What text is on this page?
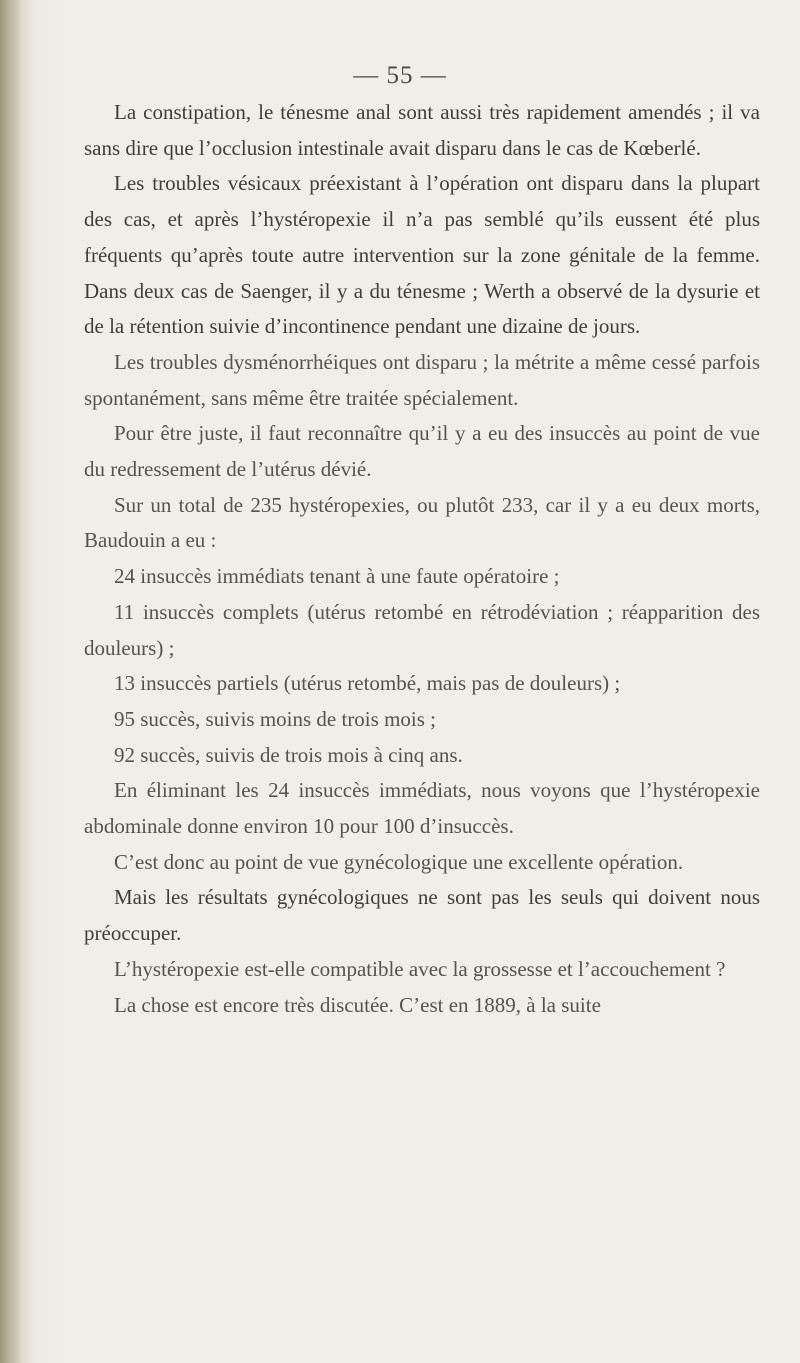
— 55 —

La constipation, le ténesme anal sont aussi très rapidement amendés ; il va sans dire que l’occlusion intestinale avait disparu dans le cas de Kœberlé.

Les troubles vésicaux préexistant à l’opération ont disparu dans la plupart des cas, et après l’hystéropexie il n’a pas semblé qu’ils eussent été plus fréquents qu’après toute autre intervention sur la zone génitale de la femme. Dans deux cas de Saenger, il y a du ténesme ; Werth a observé de la dysurie et de la rétention suivie d’incontinence pendant une dizaine de jours.

Les troubles dysménorrhéiques ont disparu ; la métrite a même cessé parfois spontanément, sans même être traitée spécialement.

Pour être juste, il faut reconnaître qu’il y a eu des insuccès au point de vue du redressement de l’utérus dévié.

Sur un total de 235 hystéropexies, ou plutôt 233, car il y a eu deux morts, Baudouin a eu :

24 insuccès immédiats tenant à une faute opératoire ;

11 insuccès complets (utérus retombé en rétrodéviation ; réapparition des douleurs) ;

13 insuccès partiels (utérus retombé, mais pas de douleurs) ;

95 succès, suivis moins de trois mois ;

92 succès, suivis de trois mois à cinq ans.

En éliminant les 24 insuccès immédiats, nous voyons que l’hystéropexie abdominale donne environ 10 pour 100 d’insuccès.

C’est donc au point de vue gynécologique une excellente opération.

Mais les résultats gynécologiques ne sont pas les seuls qui doivent nous préoccuper.

L’hystéropexie est-elle compatible avec la grossesse et l’accouchement ?

La chose est encore très discutée. C’est en 1889, à la suite
